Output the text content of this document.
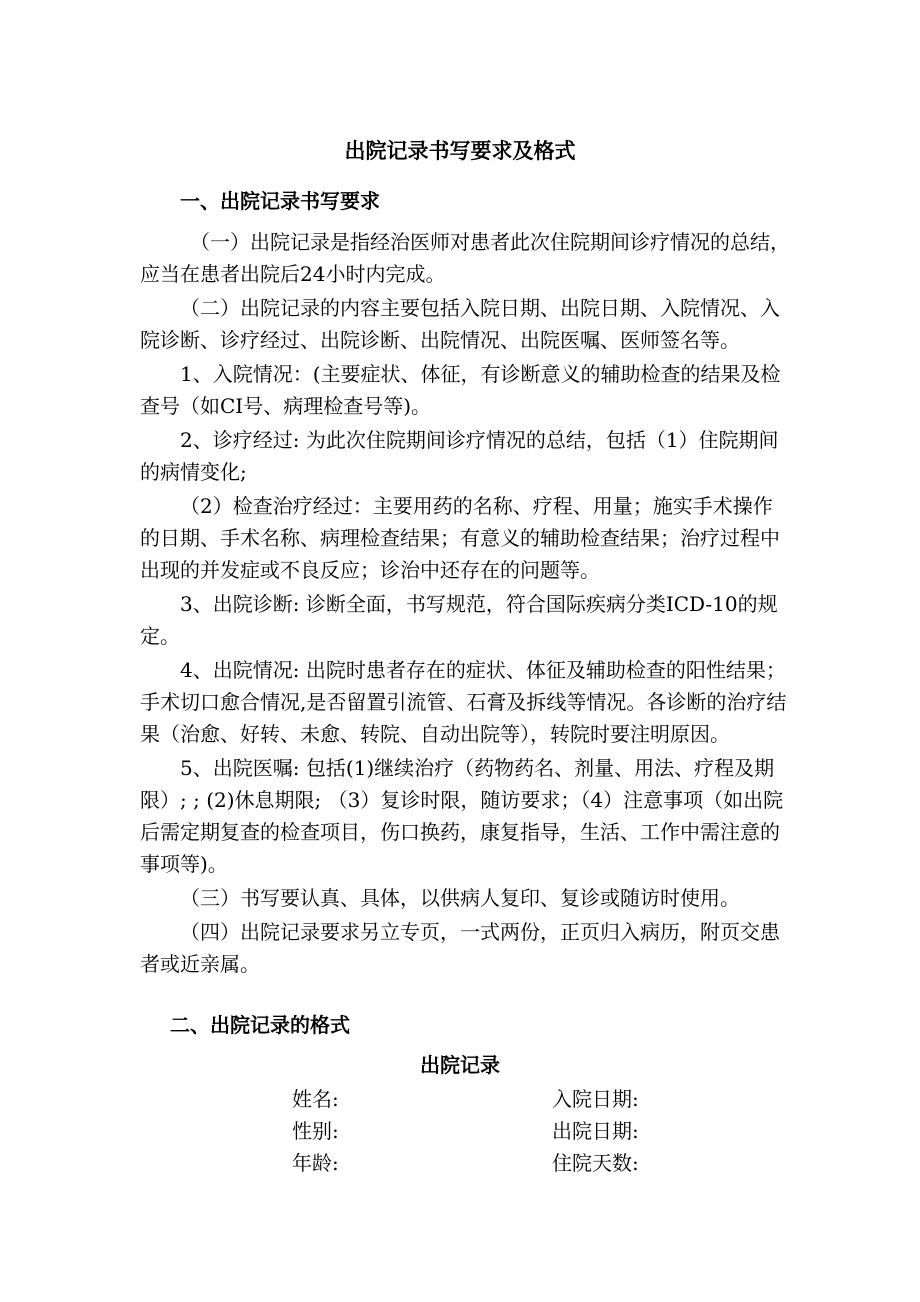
出院记录书写要求及格式
一、出院记录书写要求

（一）出院记录是指经治医师对患者此次住院期间诊疗情况的总结，应当在患者出院后24小时内完成。

（二）出院记录的内容主要包括入院日期、出院日期、入院情况、入院诊断、诊疗经过、出院诊断、出院情况、出院医嘱、医师签名等。

1、入院情况：(主要症状、体征，有诊断意义的辅助检查的结果及检查号（如CI号、病理检查号等)。

2、诊疗经过: 为此次住院期间诊疗情况的总结，包括（1）住院期间的病情变化;

（2）检查治疗经过：主要用药的名称、疗程、用量；施实手术操作的日期、手术名称、病理检查结果；有意义的辅助检查结果；治疗过程中出现的并发症或不良反应；诊治中还存在的问题等。

3、出院诊断: 诊断全面，书写规范，符合国际疾病分类ICD-10的规定。

4、出院情况: 出院时患者存在的症状、体征及辅助检查的阳性结果；手术切口愈合情况,是否留置引流管、石膏及拆线等情况。各诊断的治疗结果（治愈、好转、未愈、转院、自动出院等），转院时要注明原因。

5、出院医嘱: 包括(1)继续治疗（药物药名、剂量、用法、疗程及期限）; ; (2)休息期限; （3）复诊时限，随访要求；（4）注意事项（如出院后需定期复查的检查项目，伤口换药，康复指导，生活、工作中需注意的事项等)。

（三）书写要认真、具体，以供病人复印、复诊或随访时使用。

（四）出院记录要求另立专页，一式两份，正页归入病历，附页交患者或近亲属。

二、出院记录的格式
出院记录
姓名:	入院日期:
性别:	出院日期:
年龄:	住院天数:
